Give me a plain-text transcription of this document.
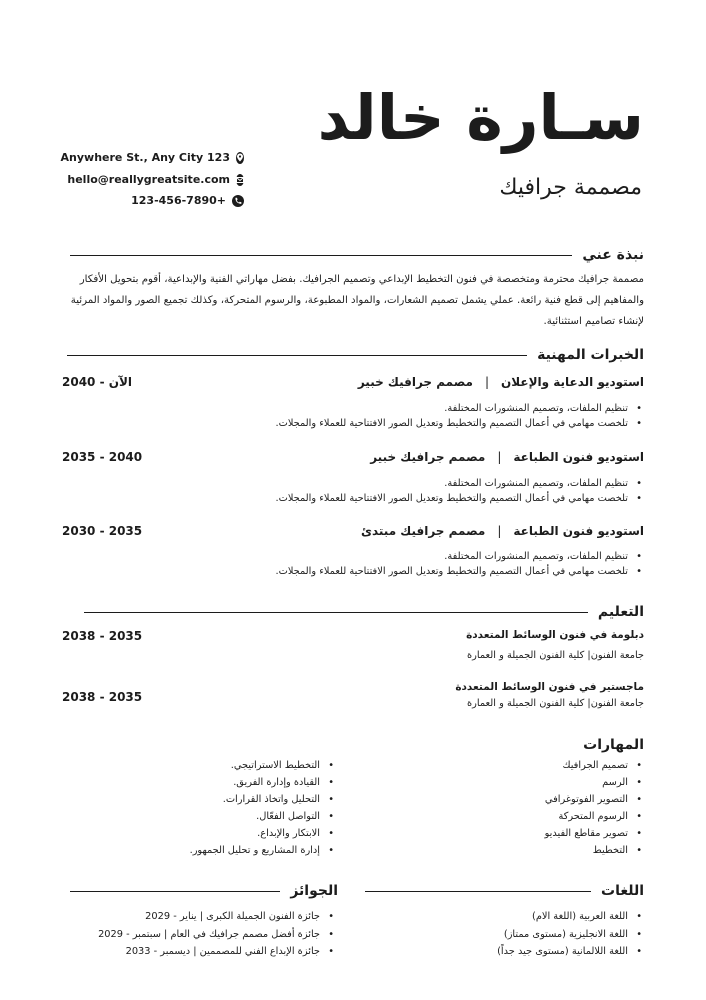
سـارة خالد
مصممة جرافيك
Anywhere St., Any City 123
hello@reallygreatsite.com
123-456-7890+
نبذة عني
مصممة جرافيك محترمة ومتخصصة في فنون التخطيط الإبداعي وتصميم الجرافيك. بفضل مهاراتي الفنية والإبداعية، أقوم بتحويل الأفكار والمفاهيم إلى قطع فنية رائعة. عملي يشمل تصميم الشعارات، والمواد المطبوعة، والرسوم المتحركة، وكذلك تجميع الصور والمواد المرئية لإنشاء تصاميم استثنائية.
الخبرات المهنية
استوديو الدعاية والإعلان|مصمم جرافيك خبير
2040 - الآن
• تنظيم الملفات، وتصميم المنشورات المختلفة.
• تلخصت مهامي في أعمال التصميم والتخطيط وتعديل الصور الافتتاحية للعملاء والمجلات.
استوديو فنون الطباعة|مصمم جرافيك خبير
2035 - 2040
• تنظيم الملفات، وتصميم المنشورات المختلفة.
• تلخصت مهامي في أعمال التصميم والتخطيط وتعديل الصور الافتتاحية للعملاء والمجلات.
استوديو فنون الطباعة|مصمم جرافيك مبتدئ
2030 - 2035
• تنظيم الملفات، وتصميم المنشورات المختلفة.
• تلخصت مهامي في أعمال التصميم والتخطيط وتعديل الصور الافتتاحية للعملاء والمجلات.
التعليم
دبلومة في فنون الوسائط المتعددة
جامعة الفنون| كلية الفنون الجميلة و العمارة
2038 - 2035
ماجستير في فنون الوسائط المتعددة
جامعة الفنون| كلية الفنون الجميلة و العمارة
2038 - 2035
المهارات
• تصميم الجرافيك
• الرسم
• التصوير الفوتوغرافي
• الرسوم المتحركة
• تصوير مقاطع الفيديو
• التخطيط
• التخطيط الاستراتيجي.
• القيادة وإدارة الفريق.
• التحليل واتخاذ القرارات.
• التواصل الفعّال.
• الابتكار والإبداع.
• إدارة المشاريع و تحليل الجمهور.
اللغات
• اللغة العربية (اللغة الام)
• اللغة الانجليزية (مستوى ممتاز)
• اللغة اللالمانية (مستوى جيد جداً)
الجوائز
• جائزة الفنون الجميلة الكبرى | يناير - 2029
• جائزة أفضل مصمم جرافيك في العام | سبتمبر - 2029
• جائزة الإبداع الفني للمصممين | ديسمبر - 2033
